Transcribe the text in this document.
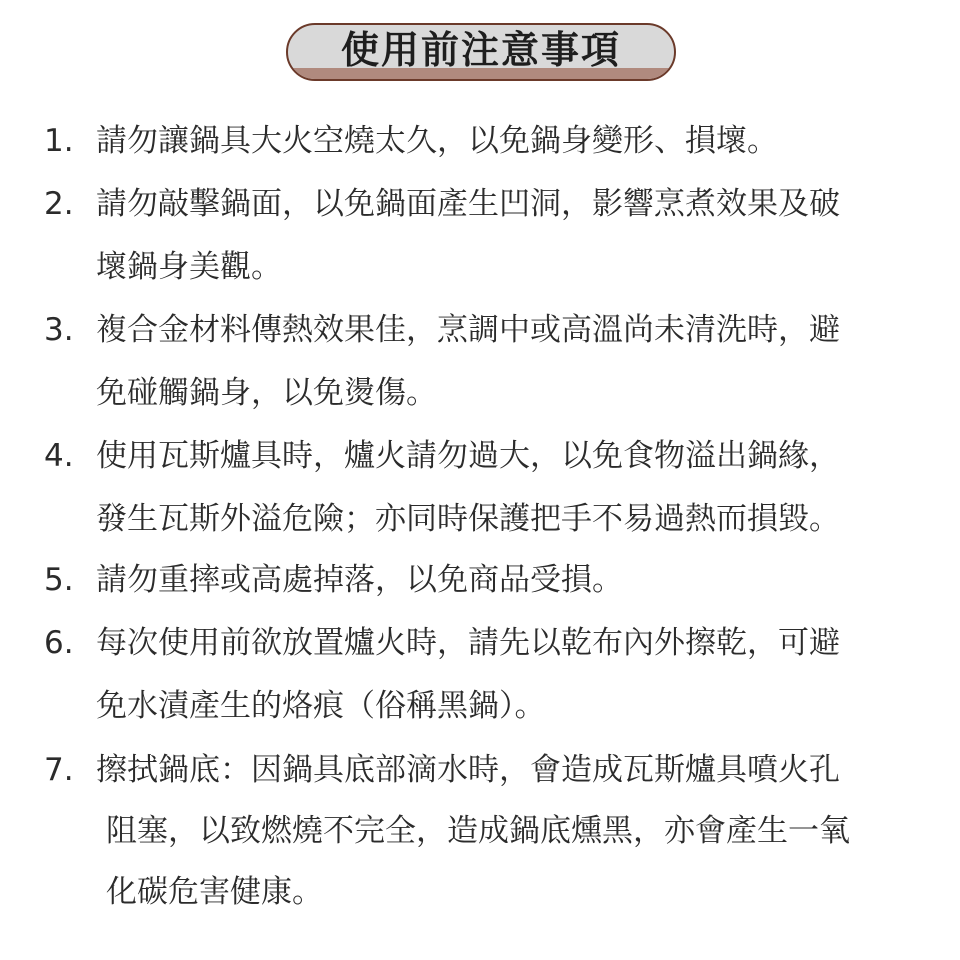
使用前注意事項
1. 請勿讓鍋具大火空燒太久，以免鍋身變形、損壞。
2. 請勿敲擊鍋面，以免鍋面產生凹洞，影響烹煮效果及破
壞鍋身美觀。
3. 複合金材料傳熱效果佳，烹調中或高溫尚未清洗時，避
免碰觸鍋身，以免燙傷。
4. 使用瓦斯爐具時，爐火請勿過大，以免食物溢出鍋緣，
發生瓦斯外溢危險；亦同時保護把手不易過熱而損毀。
5. 請勿重摔或高處掉落，以免商品受損。
6. 每次使用前欲放置爐火時，請先以乾布內外擦乾，可避
免水漬產生的烙痕（俗稱黑鍋）。
7. 擦拭鍋底：因鍋具底部滴水時，會造成瓦斯爐具噴火孔
阻塞，以致燃燒不完全，造成鍋底燻黑，亦會產生一氧
化碳危害健康。
